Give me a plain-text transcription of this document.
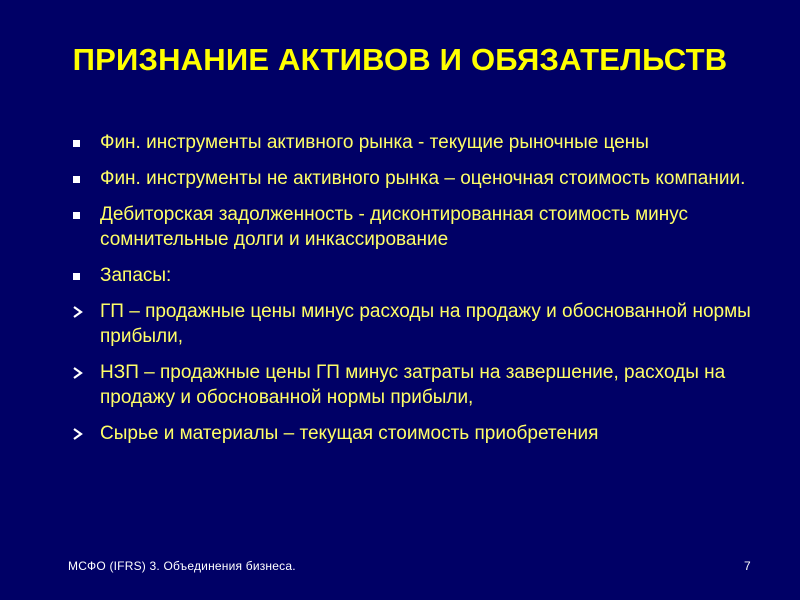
ПРИЗНАНИЕ АКТИВОВ И ОБЯЗАТЕЛЬСТВ
Фин. инструменты активного рынка - текущие рыночные цены
Фин. инструменты не активного рынка – оценочная стоимость компании.
Дебиторская задолженность - дисконтированная стоимость минус сомнительные долги и инкассирование
Запасы:
ГП – продажные цены минус расходы на продажу и обоснованной нормы прибыли,
НЗП – продажные цены ГП минус затраты на завершение, расходы на продажу и обоснованной нормы прибыли,
Сырье и материалы – текущая стоимость приобретения
МСФО (IFRS) 3. Объединения бизнеса.	7
